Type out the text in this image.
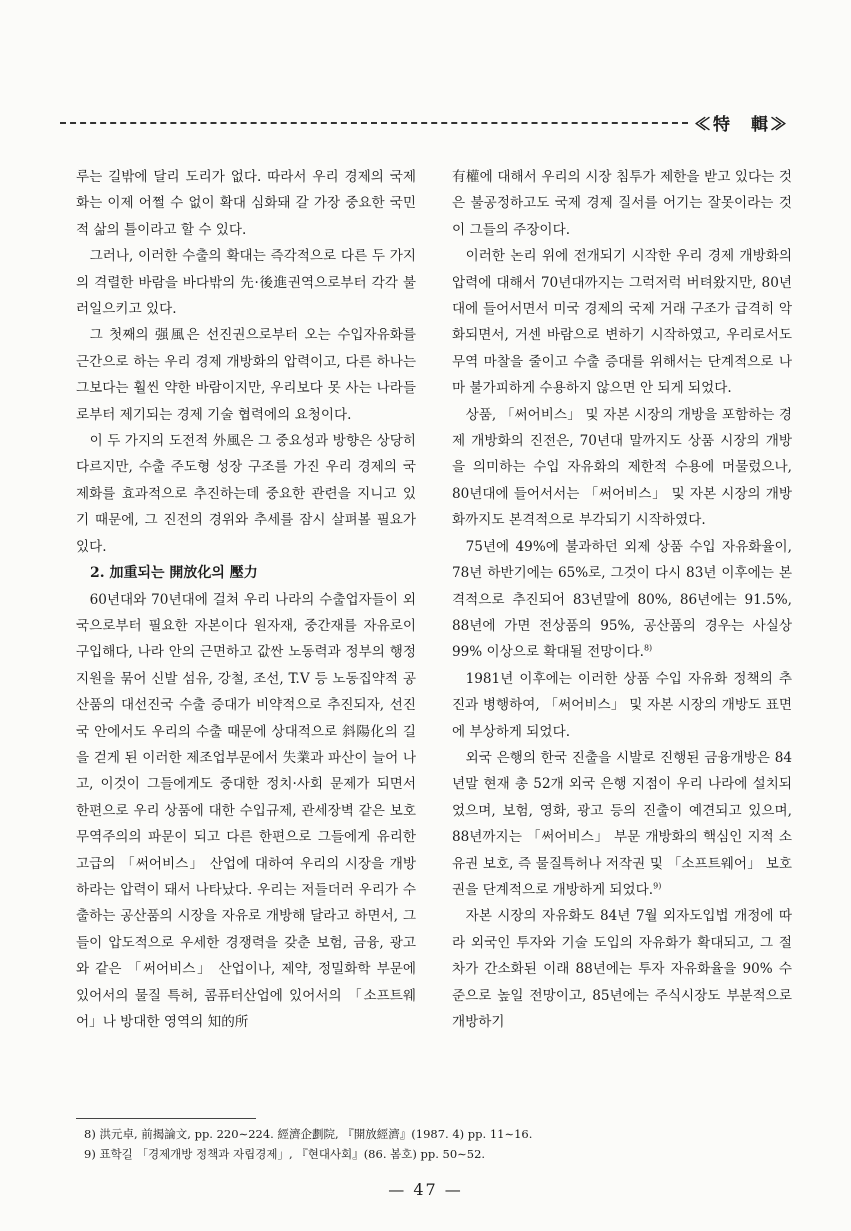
≪特　輯≫

루는 길밖에 달리 도리가 없다. 따라서 우리 경제의 국제화는 이제 어쩔 수 없이 확대 심화돼 갈 가장 중요한 국민적 삶의 틀이라고 할 수 있다.

그러나, 이러한 수출의 확대는 즉각적으로 다른 두 가지의 격렬한 바람을 바다밖의 先·後進권역으로부터 각각 불러일으키고 있다.

그 첫째의 强風은 선진권으로부터 오는 수입자유화를 근간으로 하는 우리 경제 개방화의 압력이고, 다른 하나는 그보다는 훨씬 약한 바람이지만, 우리보다 못 사는 나라들로부터 제기되는 경제 기술 협력에의 요청이다.

이 두 가지의 도전적 外風은 그 중요성과 방향은 상당히 다르지만, 수출 주도형 성장 구조를 가진 우리 경제의 국제화를 효과적으로 추진하는데 중요한 관련을 지니고 있기 때문에, 그 진전의 경위와 추세를 잠시 살펴볼 필요가 있다.

2. 加重되는 開放化의 壓力

60년대와 70년대에 걸쳐 우리 나라의 수출업자들이 외국으로부터 필요한 자본이다 원자재, 중간재를 자유로이 구입해다, 나라 안의 근면하고 값싼 노동력과 정부의 행정 지원을 묶어 신발 섬유, 강철, 조선, T.V 등 노동집약적 공산품의 대선진국 수출 증대가 비약적으로 추진되자, 선진국 안에서도 우리의 수출 때문에 상대적으로 斜陽化의 길을 걷게 된 이러한 제조업부문에서 失業과 파산이 늘어 나고, 이것이 그들에게도 중대한 정치·사회 문제가 되면서 한편으로 우리 상품에 대한 수입규제, 관세장벽 같은 보호무역주의의 파문이 되고 다른 한편으로 그들에게 유리한 고급의 「써어비스」 산업에 대하여 우리의 시장을 개방하라는 압력이 돼서 나타났다. 우리는 저들더러 우리가 수출하는 공산품의 시장을 자유로 개방해 달라고 하면서, 그들이 압도적으로 우세한 경쟁력을 갖춘 보험, 금융, 광고와 같은 「써어비스」 산업이나, 제약, 정밀화학 부문에 있어서의 물질 특허, 콤퓨터산업에 있어서의 「소프트웨어」나 방대한 영역의 知的所

有權에 대해서 우리의 시장 침투가 제한을 받고 있다는 것은 불공정하고도 국제 경제 질서를 어기는 잘못이라는 것이 그들의 주장이다.

이러한 논리 위에 전개되기 시작한 우리 경제 개방화의 압력에 대해서 70년대까지는 그럭저럭 버텨왔지만, 80년대에 들어서면서 미국 경제의 국제 거래 구조가 급격히 악화되면서, 거센 바람으로 변하기 시작하였고, 우리로서도 무역 마찰을 줄이고 수출 증대를 위해서는 단계적으로 나마 불가피하게 수용하지 않으면 안 되게 되었다.

상품, 「써어비스」 및 자본 시장의 개방을 포함하는 경제 개방화의 진전은, 70년대 말까지도 상품 시장의 개방을 의미하는 수입 자유화의 제한적 수용에 머물렀으나, 80년대에 들어서서는 「써어비스」 및 자본 시장의 개방화까지도 본격적으로 부각되기 시작하였다.

75년에 49%에 불과하던 외제 상품 수입 자유화율이, 78년 하반기에는 65%로, 그것이 다시 83년 이후에는 본격적으로 추진되어 83년말에 80%, 86년에는 91.5%, 88년에 가면 전상품의 95%, 공산품의 경우는 사실상 99% 이상으로 확대될 전망이다.$^{8)}$

1981년 이후에는 이러한 상품 수입 자유화 정책의 추진과 병행하여, 「써어비스」 및 자본 시장의 개방도 표면에 부상하게 되었다.

외국 은행의 한국 진출을 시발로 진행된 금융개방은 84년말 현재 총 52개 외국 은행 지점이 우리 나라에 설치되었으며, 보험, 영화, 광고 등의 진출이 예견되고 있으며, 88년까지는 「써어비스」 부문 개방화의 핵심인 지적 소유권 보호, 즉 물질특허나 저작권 및 「소프트웨어」 보호권을 단계적으로 개방하게 되었다.$^{9)}$

자본 시장의 자유화도 84년 7월 외자도입법 개정에 따라 외국인 투자와 기술 도입의 자유화가 확대되고, 그 절차가 간소화된 이래 88년에는 투자 자유화율을 90% 수준으로 높일 전망이고, 85년에는 주식시장도 부분적으로 개방하기

8) 洪元卓, 前揭論文, pp. 220∼224. 經濟企劃院, 『開放經濟』(1987. 4) pp. 11∼16.
9) 표학길 「경제개방 정책과 자립경제」, 『현대사회』(86. 봄호) pp. 50∼52.
— 47 —
